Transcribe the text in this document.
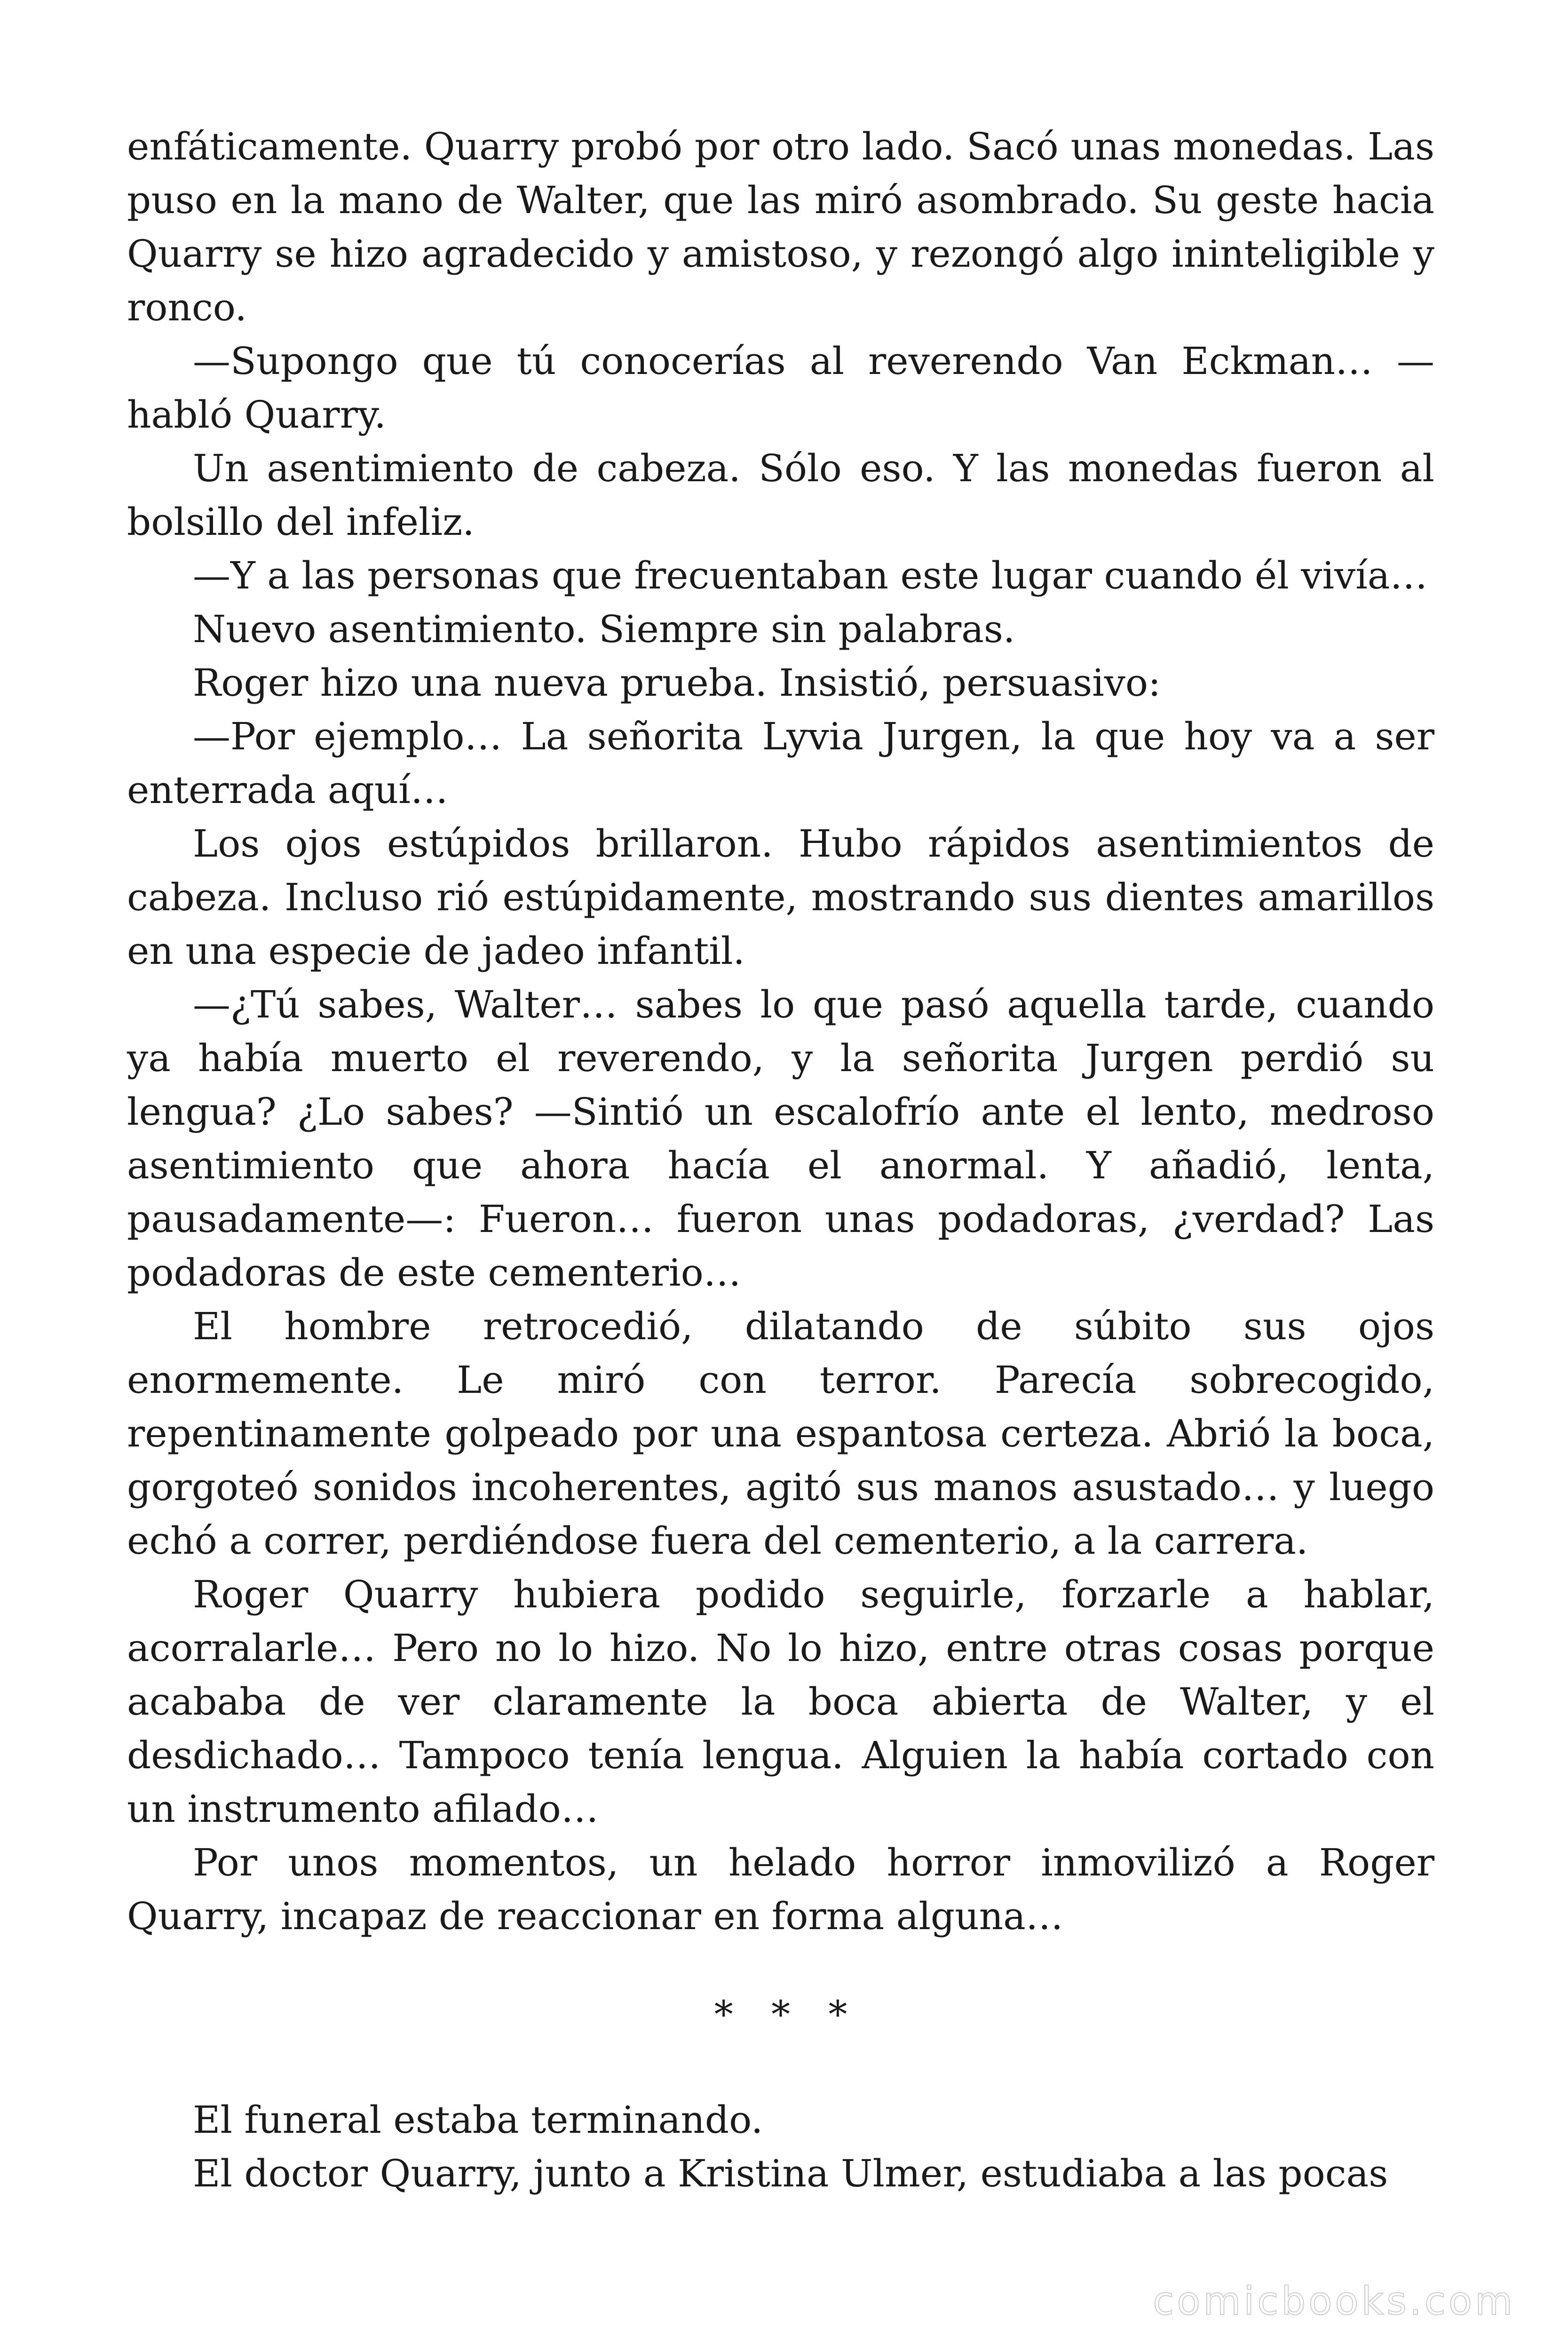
enfáticamente. Quarry probó por otro lado. Sacó unas monedas. Las puso en la mano de Walter, que las miró asombrado. Su geste hacia Quarry se hizo agradecido y amistoso, y rezongó algo ininteligible y ronco.

—Supongo que tú conocerías al reverendo Van Eckman… —habló Quarry.

Un asentimiento de cabeza. Sólo eso. Y las monedas fueron al bolsillo del infeliz.

—Y a las personas que frecuentaban este lugar cuando él vivía…

Nuevo asentimiento. Siempre sin palabras.

Roger hizo una nueva prueba. Insistió, persuasivo:

—Por ejemplo… La señorita Lyvia Jurgen, la que hoy va a ser enterrada aquí…

Los ojos estúpidos brillaron. Hubo rápidos asentimientos de cabeza. Incluso rió estúpidamente, mostrando sus dientes amarillos en una especie de jadeo infantil.

—¿Tú sabes, Walter… sabes lo que pasó aquella tarde, cuando ya había muerto el reverendo, y la señorita Jurgen perdió su lengua? ¿Lo sabes? —Sintió un escalofrío ante el lento, medroso asentimiento que ahora hacía el anormal. Y añadió, lenta, pausadamente—: Fueron… fueron unas podadoras, ¿verdad? Las podadoras de este cementerio…

El hombre retrocedió, dilatando de súbito sus ojos enormemente. Le miró con terror. Parecía sobrecogido, repentinamente golpeado por una espantosa certeza. Abrió la boca, gorgoteó sonidos incoherentes, agitó sus manos asustado… y luego echó a correr, perdiéndose fuera del cementerio, a la carrera.

Roger Quarry hubiera podido seguirle, forzarle a hablar, acorralarle… Pero no lo hizo. No lo hizo, entre otras cosas porque acababa de ver claramente la boca abierta de Walter, y el desdichado… Tampoco tenía lengua. Alguien la había cortado con un instrumento afilado…

Por unos momentos, un helado horror inmovilizó a Roger Quarry, incapaz de reaccionar en forma alguna…

* * *

El funeral estaba terminando.

El doctor Quarry, junto a Kristina Ulmer, estudiaba a las pocas

comicbooks.com
